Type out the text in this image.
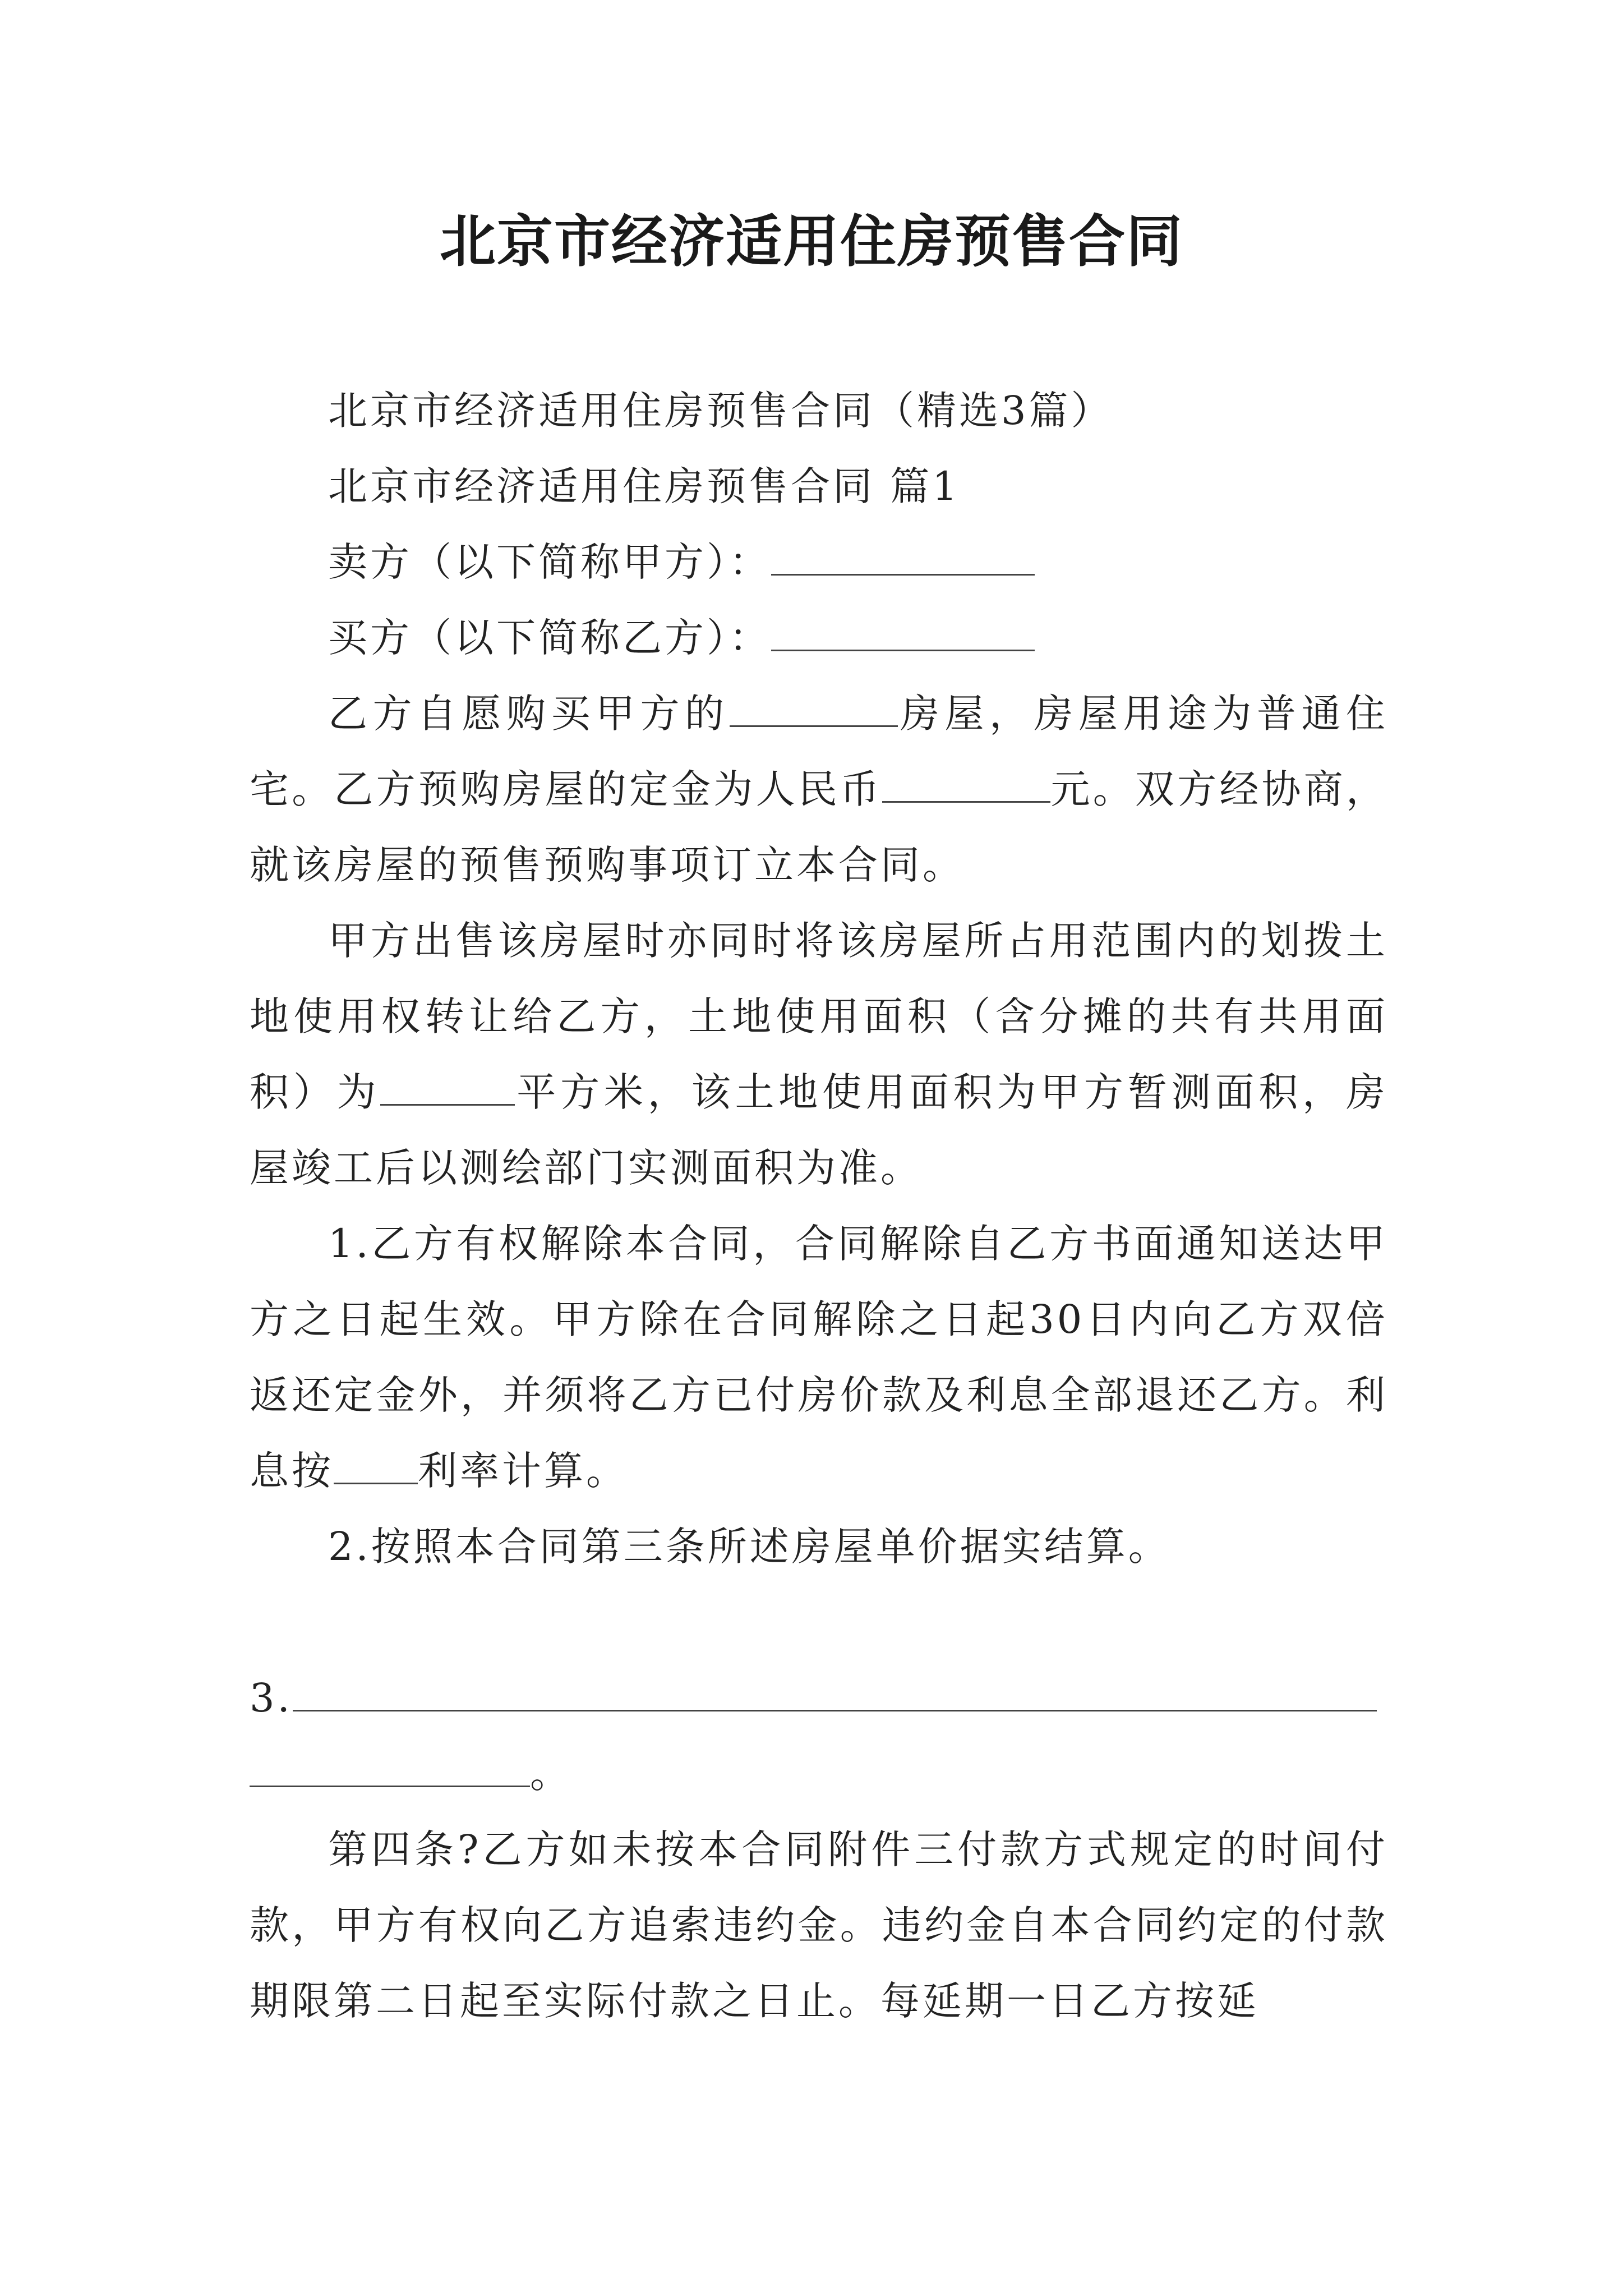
北京市经济适用住房预售合同

北京市经济适用住房预售合同（精选3篇）

北京市经济适用住房预售合同 篇1

卖方（以下简称甲方）：

买方（以下简称乙方）：

乙方自愿购买甲方的	房屋，房屋用途为普通住宅。乙方预购房屋的定金为人民币	元。双方经协商，就该房屋的预售预购事项订立本合同。

甲方出售该房屋时亦同时将该房屋所占用范围内的划拨土地使用权转让给乙方，土地使用面积（含分摊的共有共用面积）为	平方米，该土地使用面积为甲方暂测面积，房屋竣工后以测绘部门实测面积为准。

1.乙方有权解除本合同，合同解除自乙方书面通知送达甲方之日起生效。甲方除在合同解除之日起30日内向乙方双倍返还定金外，并须将乙方已付房价款及利息全部退还乙方。利息按 利率计算。

2.按照本合同第三条所述房屋单价据实结算。

3.

。

第四条?乙方如未按本合同附件三付款方式规定的时间付款，甲方有权向乙方追索违约金。违约金自本合同约定的付款期限第二日起至实际付款之日止。每延期一日乙方按延
